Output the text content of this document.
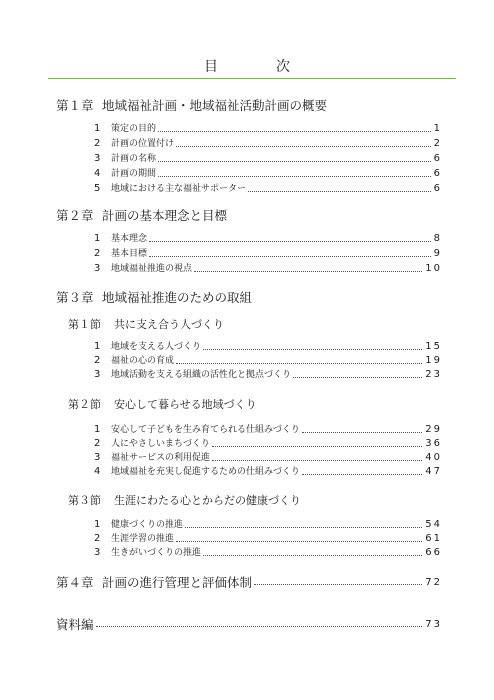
目	次
第１章 地域福祉計画・地域福祉活動計画の概要
1	策定の目的	1
2	計画の位置付け	2
3	計画の名称	6
4	計画の期間	6
5	地域における主な福祉サポーター	6
第２章 計画の基本理念と目標
1	基本理念	8
2	基本目標	9
3	地域福祉推進の視点	10
第３章 地域福祉推進のための取組
第１節 共に支え合う人づくり
1	地域を支える人づくり	15
2	福祉の心の育成	19
3	地域活動を支える組織の活性化と拠点づくり	23
第２節 安心して暮らせる地域づくり
1	安心して子どもを生み育てられる仕組みづくり	29
2	人にやさしいまちづくり	36
3	福祉サービスの利用促進	40
4	地域福祉を充実し促進するための仕組みづくり	47
第３節 生涯にわたる心とからだの健康づくり
1	健康づくりの推進	54
2	生涯学習の推進	61
3	生きがいづくりの推進	66
第４章 計画の進行管理と評価体制	72
資料編	73
